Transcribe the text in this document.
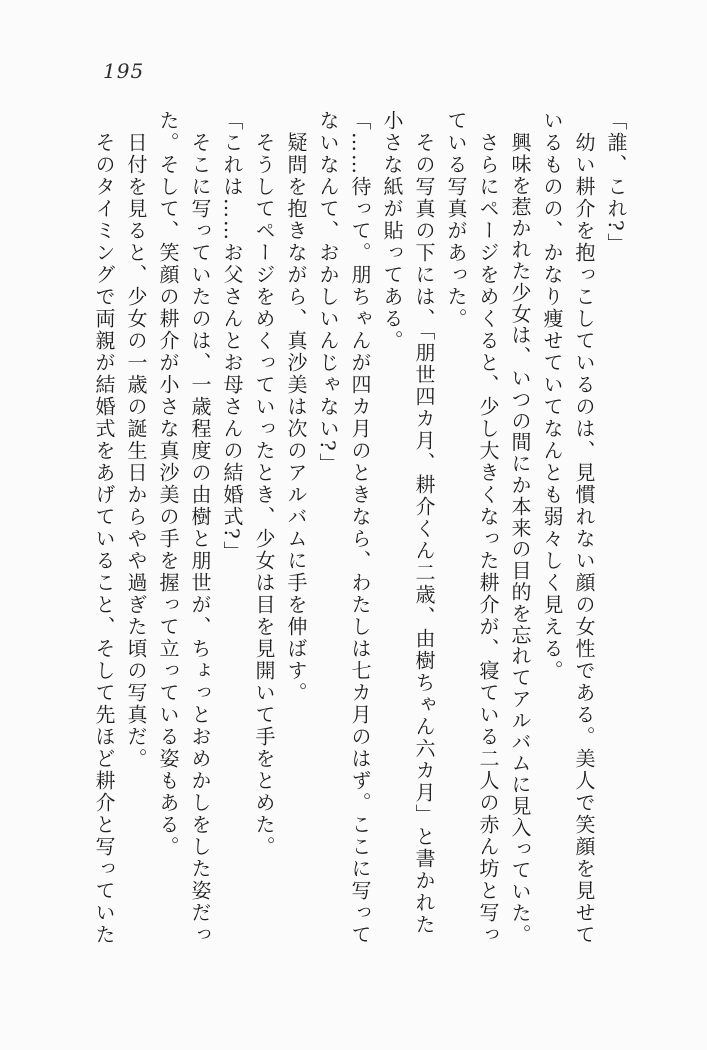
195

「誰、これ?」

幼い耕介を抱っこしているのは、見慣れない顔の女性である。美人で笑顔を見せているものの、かなり痩せていてなんとも弱々しく見える。

興味を惹かれた少女は、いつの間にか本来の目的を忘れてアルバムに見入っていた。

さらにページをめくると、少し大きくなった耕介が、寝ている二人の赤ん坊と写っている写真があった。

その写真の下には、「朋世四カ月、耕介くん二歳、由樹ちゃん六カ月」と書かれた小さな紙が貼ってある。

「……待って。朋ちゃんが四カ月のときなら、わたしは七カ月のはず。ここに写ってないなんて、おかしいんじゃない?」

疑問を抱きながら、真沙美は次のアルバムに手を伸ばす。

そうしてページをめくっていったとき、少女は目を見開いて手をとめた。

「これは……お父さんとお母さんの結婚式?」

そこに写っていたのは、一歳程度の由樹と朋世が、ちょっとおめかしをした姿だった。そして、笑顔の耕介が小さな真沙美の手を握って立っている姿もある。

日付を見ると、少女の一歳の誕生日からやや過ぎた頃の写真だ。

そのタイミングで両親が結婚式をあげていること、そして先ほど耕介と写っていた
